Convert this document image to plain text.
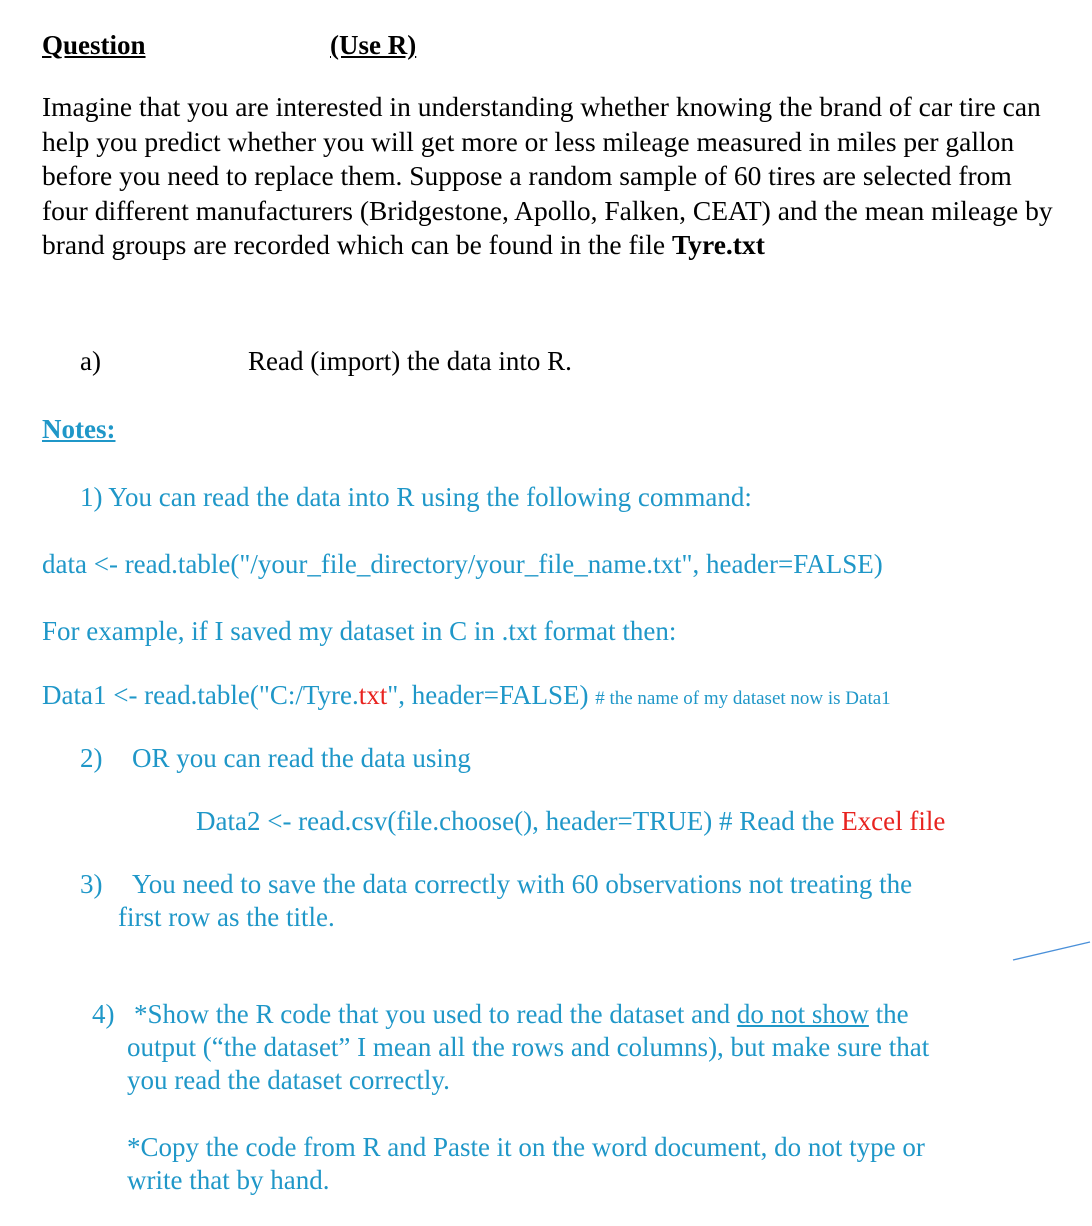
Question	(Use R)
Imagine that you are interested in understanding whether knowing the brand of car tire can help you predict whether you will get more or less mileage measured in miles per gallon before you need to replace them. Suppose a random sample of 60 tires are selected from four different manufacturers (Bridgestone, Apollo, Falken, CEAT) and the mean mileage by brand groups are recorded which can be found in the file Tyre.txt
a)	Read (import) the data into R.
Notes:
1) You can read the data into R using the following command:
data <- read.table("/your_file_directory/your_file_name.txt", header=FALSE)
For example, if I saved my dataset in C in .txt format then:
Data1 <- read.table("C:/Tyre.txt", header=FALSE) # the name of my dataset now is Data1
2) OR you can read the data using
Data2 <- read.csv(file.choose(), header=TRUE) # Read the Excel file
3) You need to save the data correctly with 60 observations not treating the
first row as the title.
4) *Show the R code that you used to read the dataset and do not show the
output (“the dataset” I mean all the rows and columns), but make sure that
you read the dataset correctly.
*Copy the code from R and Paste it on the word document, do not type or
write that by hand.
